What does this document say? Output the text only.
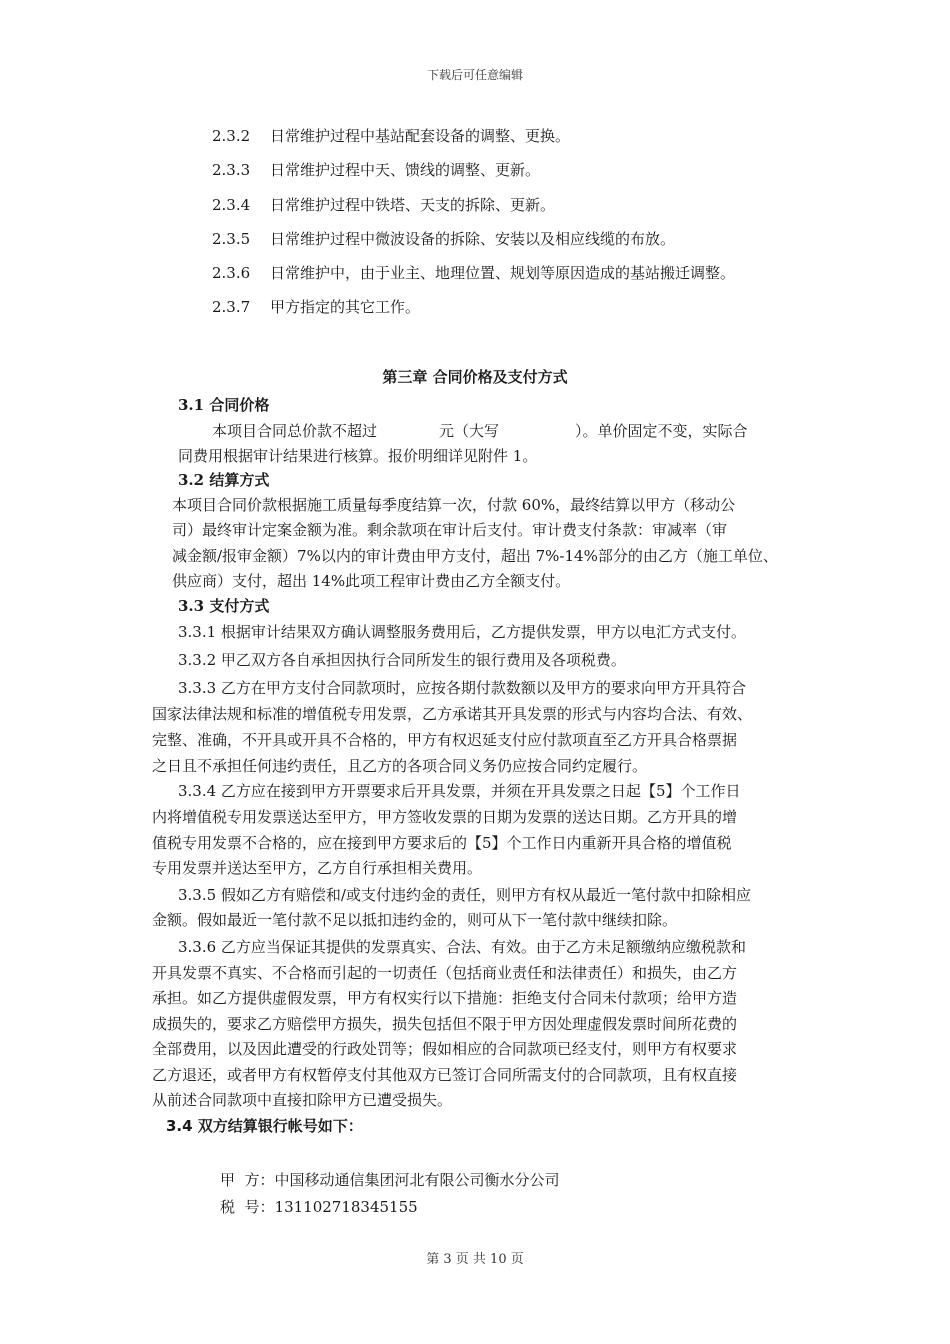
下载后可任意编辑
2.3.2 日常维护过程中基站配套设备的调整、更换。
2.3.3 日常维护过程中天、馈线的调整、更新。
2.3.4 日常维护过程中铁塔、天支的拆除、更新。
2.3.5 日常维护过程中微波设备的拆除、安装以及相应线缆的布放。
2.3.6 日常维护中，由于业主、地理位置、规划等原因造成的基站搬迁调整。
2.3.7 甲方指定的其它工作。
第三章 合同价格及支付方式
3.1 合同价格
本项目合同总价款不超过	元（大写	）。单价固定不变，实际合
同费用根据审计结果进行核算。报价明细详见附件 1。
3.2 结算方式
本项目合同价款根据施工质量每季度结算一次，付款 60%，最终结算以甲方（移动公
司）最终审计定案金额为准。剩余款项在审计后支付。审计费支付条款：审减率（审
减金额/报审金额）7%以内的审计费由甲方支付，超出 7%-14%部分的由乙方（施工单位、
供应商）支付，超出 14%此项工程审计费由乙方全额支付。
3.3 支付方式
3.3.1 根据审计结果双方确认调整服务费用后，乙方提供发票，甲方以电汇方式支付。
3.3.2 甲乙双方各自承担因执行合同所发生的银行费用及各项税费。
3.3.3 乙方在甲方支付合同款项时，应按各期付款数额以及甲方的要求向甲方开具符合
国家法律法规和标准的增值税专用发票，乙方承诺其开具发票的形式与内容均合法、有效、
完整、准确，不开具或开具不合格的，甲方有权迟延支付应付款项直至乙方开具合格票据
之日且不承担任何违约责任，且乙方的各项合同义务仍应按合同约定履行。
3.3.4 乙方应在接到甲方开票要求后开具发票，并须在开具发票之日起【5】个工作日
内将增值税专用发票送达至甲方，甲方签收发票的日期为发票的送达日期。乙方开具的增
值税专用发票不合格的，应在接到甲方要求后的【5】个工作日内重新开具合格的增值税
专用发票并送达至甲方，乙方自行承担相关费用。
3.3.5 假如乙方有赔偿和/或支付违约金的责任，则甲方有权从最近一笔付款中扣除相应
金额。假如最近一笔付款不足以抵扣违约金的，则可从下一笔付款中继续扣除。
3.3.6 乙方应当保证其提供的发票真实、合法、有效。由于乙方未足额缴纳应缴税款和
开具发票不真实、不合格而引起的一切责任（包括商业责任和法律责任）和损失，由乙方
承担。如乙方提供虚假发票，甲方有权实行以下措施：拒绝支付合同未付款项；给甲方造
成损失的，要求乙方赔偿甲方损失，损失包括但不限于甲方因处理虚假发票时间所花费的
全部费用，以及因此遭受的行政处罚等；假如相应的合同款项已经支付，则甲方有权要求
乙方退还，或者甲方有权暂停支付其他双方已签订合同所需支付的合同款项，且有权直接
从前述合同款项中直接扣除甲方已遭受损失。
3.4 双方结算银行帐号如下：
甲  方：中国移动通信集团河北有限公司衡水分公司
税  号：131102718345155
第 3 页 共 10 页
